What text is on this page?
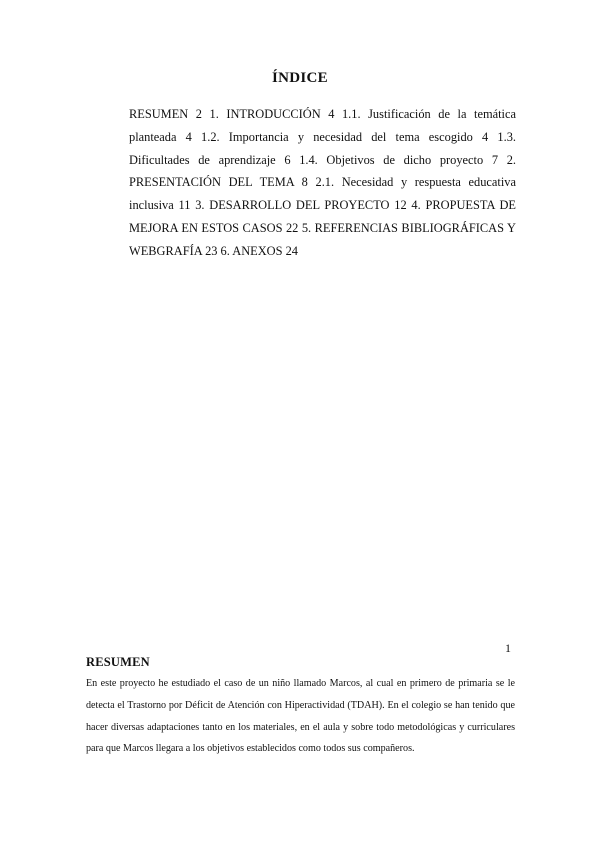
ÍNDICE
RESUMEN 2 1. INTRODUCCIÓN 4 1.1. Justificación de la temática planteada 4 1.2. Importancia y necesidad del tema escogido 4 1.3. Dificultades de aprendizaje 6 1.4. Objetivos de dicho proyecto 7 2. PRESENTACIÓN DEL TEMA 8 2.1. Necesidad y respuesta educativa inclusiva 11 3. DESARROLLO DEL PROYECTO 12 4. PROPUESTA DE MEJORA EN ESTOS CASOS 22 5. REFERENCIAS BIBLIOGRÁFICAS Y WEBGRAFÍA 23 6. ANEXOS 24
1
RESUMEN
En este proyecto he estudiado el caso de un niño llamado Marcos, al cual en primero de primaria se le detecta el Trastorno por Déficit de Atención con Hiperactividad (TDAH). En el colegio se han tenido que hacer diversas adaptaciones tanto en los materiales, en el aula y sobre todo metodológicas y curriculares para que Marcos llegara a los objetivos establecidos como todos sus compañeros.
